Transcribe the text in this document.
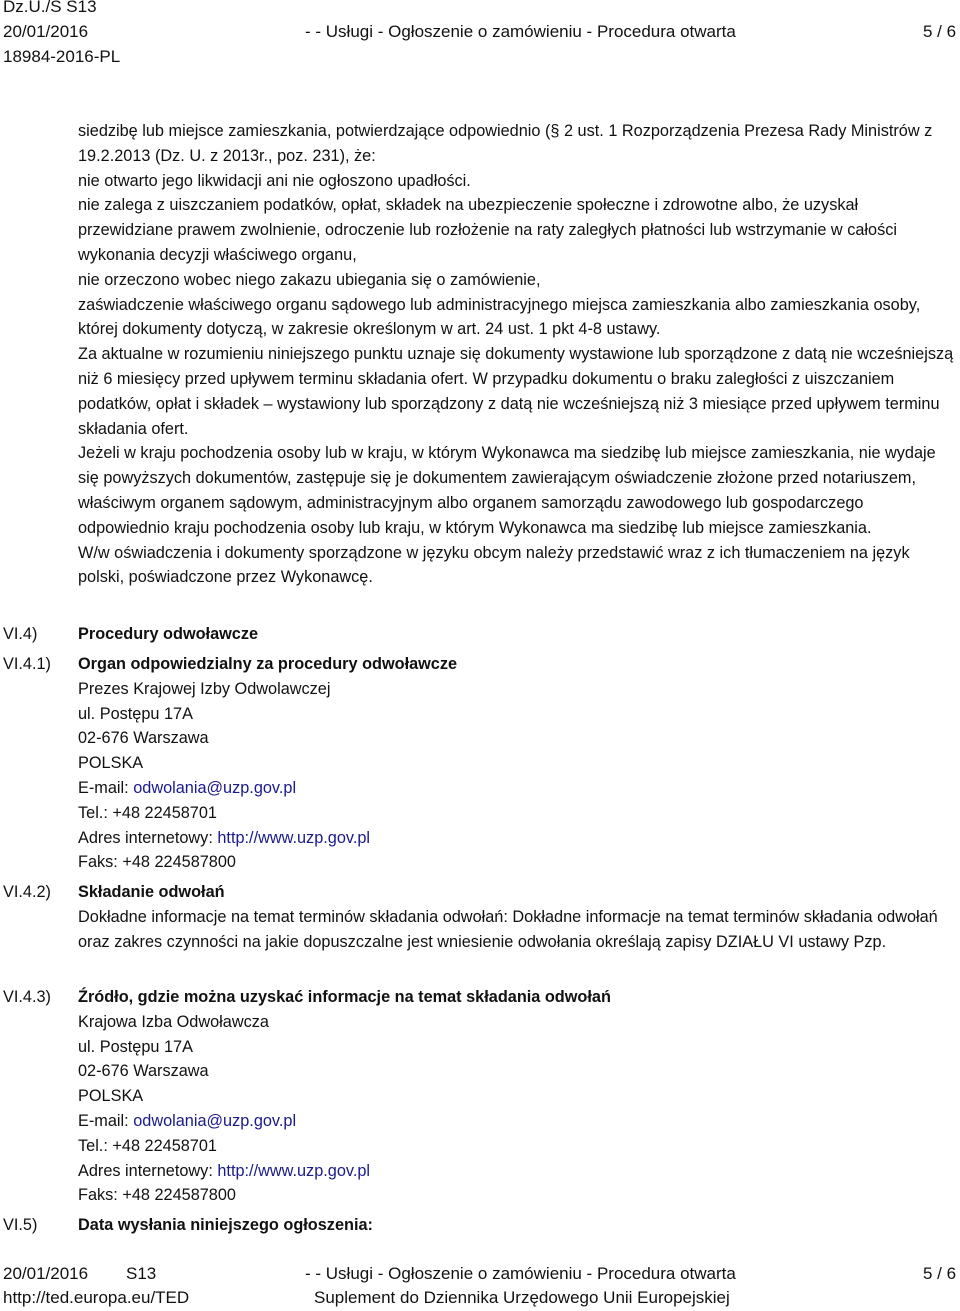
Dz.U./S S13
20/01/2016
18984-2016-PL
- - Usługi - Ogłoszenie o zamówieniu - Procedura otwarta	5 / 6

siedzibę lub miejsce zamieszkania, potwierdzające odpowiednio (§ 2 ust. 1 Rozporządzenia Prezesa Rady Ministrów z 19.2.2013 (Dz. U. z 2013r., poz. 231), że:

nie otwarto jego likwidacji ani nie ogłoszono upadłości.

nie zalega z uiszczaniem podatków, opłat, składek na ubezpieczenie społeczne i zdrowotne albo, że uzyskał przewidziane prawem zwolnienie, odroczenie lub rozłożenie na raty zaległych płatności lub wstrzymanie w całości wykonania decyzji właściwego organu,

nie orzeczono wobec niego zakazu ubiegania się o zamówienie,

zaświadczenie właściwego organu sądowego lub administracyjnego miejsca zamieszkania albo zamieszkania osoby, której dokumenty dotyczą, w zakresie określonym w art. 24 ust. 1 pkt 4-8 ustawy.

Za aktualne w rozumieniu niniejszego punktu uznaje się dokumenty wystawione lub sporządzone z datą nie wcześniejszą niż 6 miesięcy przed upływem terminu składania ofert. W przypadku dokumentu o braku zaległości z uiszczaniem podatków, opłat i składek – wystawiony lub sporządzony z datą nie wcześniejszą niż 3 miesiące przed upływem terminu składania ofert.

Jeżeli w kraju pochodzenia osoby lub w kraju, w którym Wykonawca ma siedzibę lub miejsce zamieszkania, nie wydaje się powyższych dokumentów, zastępuje się je dokumentem zawierającym oświadczenie złożone przed notariuszem, właściwym organem sądowym, administracyjnym albo organem samorządu zawodowego lub gospodarczego odpowiednio kraju pochodzenia osoby lub kraju, w którym Wykonawca ma siedzibę lub miejsce zamieszkania.

W/w oświadczenia i dokumenty sporządzone w języku obcym należy przedstawić wraz z ich tłumaczeniem na język polski, poświadczone przez Wykonawcę.

VI.4) Procedury odwoławcze

VI.4.1) Organ odpowiedzialny za procedury odwoławcze

Prezes Krajowej Izby Odwolawczej

ul. Postępu 17A

02-676 Warszawa

POLSKA

E-mail: odwolania@uzp.gov.pl

Tel.: +48 22458701

Adres internetowy: http://www.uzp.gov.pl

Faks: +48 224587800

VI.4.2) Składanie odwołań

Dokładne informacje na temat terminów składania odwołań: Dokładne informacje na temat terminów składania odwołań oraz zakres czynności na jakie dopuszczalne jest wniesienie odwołania określają zapisy DZIAŁU VI ustawy Pzp.

VI.4.3) Źródło, gdzie można uzyskać informacje na temat składania odwołań

Krajowa Izba Odwoławcza

ul. Postępu 17A

02-676 Warszawa

POLSKA

E-mail: odwolania@uzp.gov.pl

Tel.: +48 22458701

Adres internetowy: http://www.uzp.gov.pl

Faks: +48 224587800

VI.5) Data wysłania niniejszego ogłoszenia:

20/01/2016 S13
http://ted.europa.eu/TED
- - Usługi - Ogłoszenie o zamówieniu - Procedura otwarta
Suplement do Dziennika Urzędowego Unii Europejskiej
5 / 6
